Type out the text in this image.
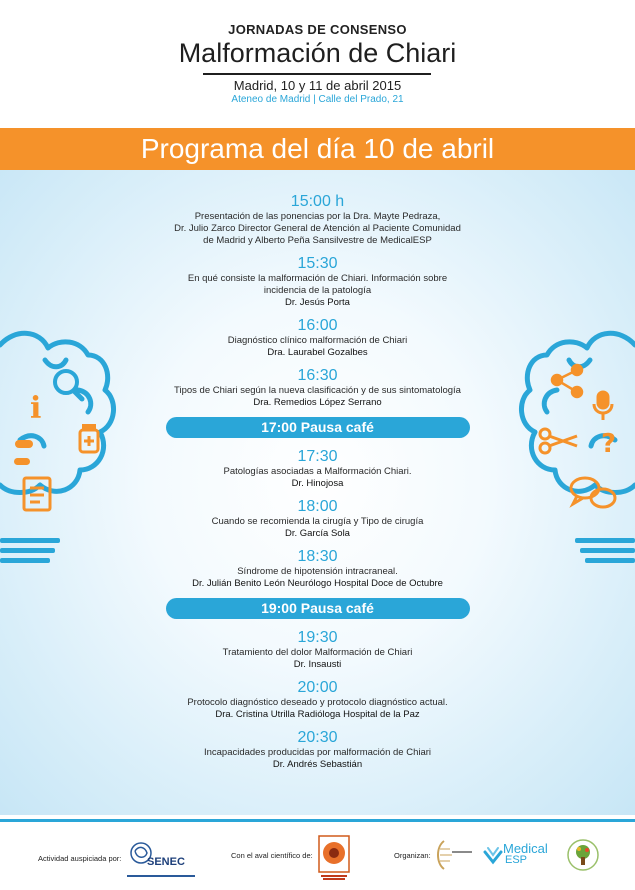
JORNADAS DE CONSENSO
Malformación de Chiari
Madrid, 10 y 11 de abril 2015
Ateneo de Madrid | Calle del Prado, 21
Programa del día 10 de abril
i
?
15:00 h
Presentación de las ponencias por la Dra. Mayte Pedraza,
Dr. Julio Zarco Director General de Atención al Paciente Comunidad
de Madrid y Alberto Peña Sansilvestre de MedicalESP
15:30
En qué consiste la malformación de Chiari. Información sobre
incidencia de la patología
Dr. Jesús Porta
16:00
Diagnóstico clínico malformación de Chiari
Dra. Laurabel Gozalbes
16:30
Tipos de Chiari según la nueva clasificación y de sus sintomatología
Dra. Remedios López Serrano
17:00 Pausa café
17:30
Patologías asociadas a Malformación Chiari.
Dr. Hinojosa
18:00
Cuando se recomienda la cirugía y Tipo de cirugía
Dr. García Sola
18:30
Síndrome de hipotensión intracraneal.
Dr. Julián Benito León Neurólogo Hospital Doce de Octubre
19:00 Pausa café
19:30
Tratamiento del dolor Malformación de Chiari
Dr. Insausti
20:00
Protocolo diagnóstico deseado y protocolo diagnóstico actual.
Dra. Cristina Utrilla Radióloga Hospital de la Paz
20:30
Incapacidades producidas por malformación de Chiari
Dr. Andrés Sebastián
Actividad auspiciada por: SENEC
Con el aval científico de:	Organizan:	Medical
ESP
